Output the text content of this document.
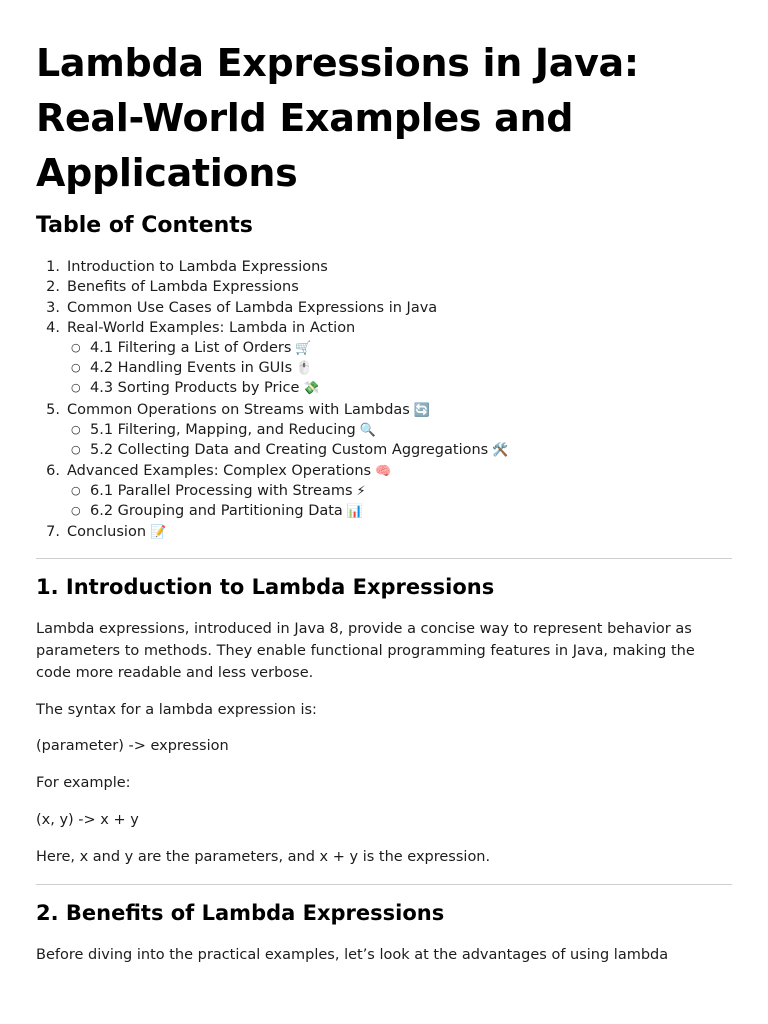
Lambda Expressions in Java: Real-World Examples and Applications
Table of Contents
1. Introduction to Lambda Expressions
2. Benefits of Lambda Expressions
3. Common Use Cases of Lambda Expressions in Java
4. Real-World Examples: Lambda in Action
○ 4.1 Filtering a List of Orders 🛒
○ 4.2 Handling Events in GUIs 🖱️
○ 4.3 Sorting Products by Price 💸
5. Common Operations on Streams with Lambdas 🔄
○ 5.1 Filtering, Mapping, and Reducing 🔍
○ 5.2 Collecting Data and Creating Custom Aggregations 🛠️
6. Advanced Examples: Complex Operations 🧠
○ 6.1 Parallel Processing with Streams ⚡
○ 6.2 Grouping and Partitioning Data 📊
7. Conclusion 📝
1. Introduction to Lambda Expressions

Lambda expressions, introduced in Java 8, provide a concise way to represent behavior as parameters to methods. They enable functional programming features in Java, making the code more readable and less verbose.

The syntax for a lambda expression is:

(parameter) -> expression

For example:

(x, y) -> x + y

Here, x and y are the parameters, and x + y is the expression.

2. Benefits of Lambda Expressions

Before diving into the practical examples, let’s look at the advantages of using lambda
